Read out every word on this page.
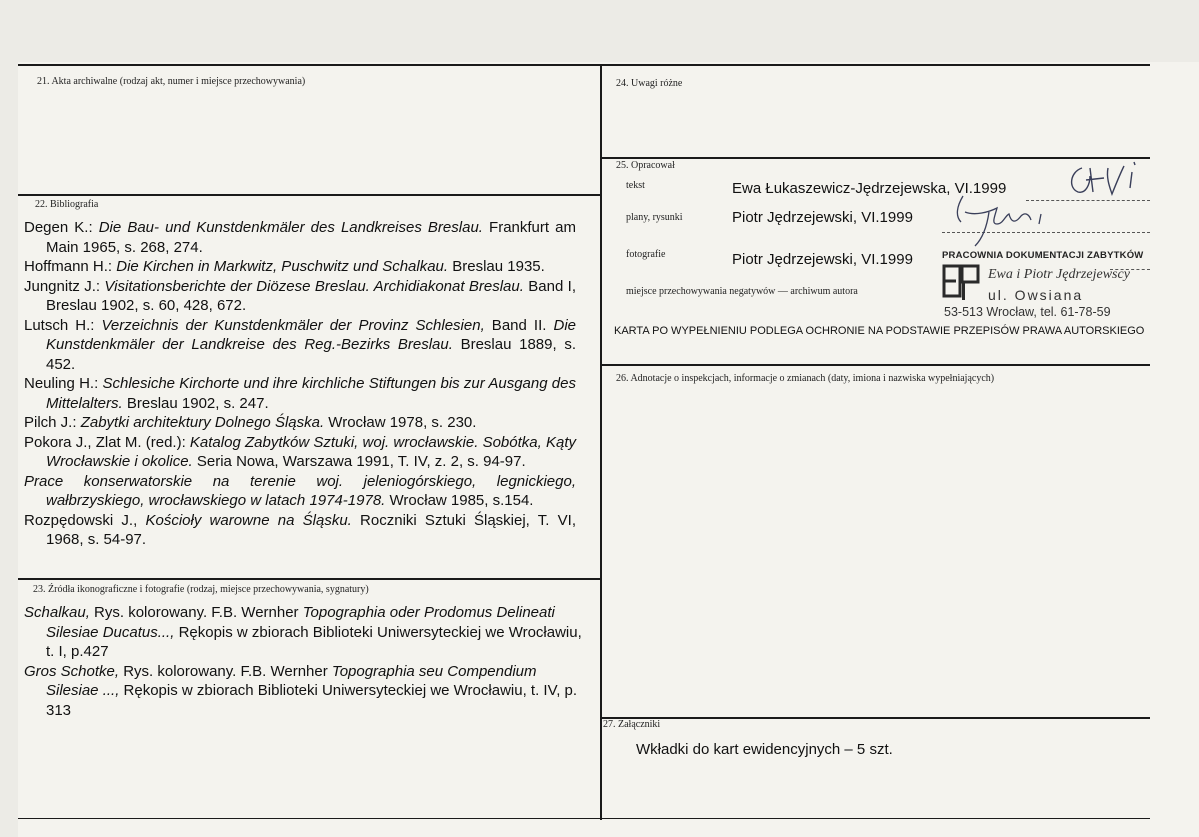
21. Akta archiwalne (rodzaj akt, numer i miejsce przechowywania)
22. Bibliografia

Degen K.: Die Bau- und Kunstdenkmäler des Landkreises Breslau. Frankfurt am Main 1965, s. 268, 274.

Hoffmann H.: Die Kirchen in Markwitz, Puschwitz und Schalkau. Breslau 1935.

Jungnitz J.: Visitationsberichte der Diözese Breslau. Archidiakonat Breslau. Band I, Breslau 1902, s. 60, 428, 672.

Lutsch H.: Verzeichnis der Kunstdenkmäler der Provinz Schlesien, Band II. Die Kunstdenkmäler der Landkreise des Reg.-Bezirks Breslau. Breslau 1889, s. 452.

Neuling H.: Schlesiche Kirchorte und ihre kirchliche Stiftungen bis zur Ausgang des Mittelalters. Breslau 1902, s. 247.

Pilch J.: Zabytki architektury Dolnego Śląska. Wrocław 1978, s. 230.

Pokora J., Zlat M. (red.): Katalog Zabytków Sztuki, woj. wrocławskie. Sobótka, Kąty Wrocławskie i okolice. Seria Nowa, Warszawa 1991, T. IV, z. 2, s. 94-97.

Prace konserwatorskie na terenie woj. jeleniogórskiego, legnickiego, wałbrzyskiego, wrocławskiego w latach 1974-1978. Wrocław 1985, s.154.

Rozpędowski J., Kościoły warowne na Śląsku. Roczniki Sztuki Śląskiej, T. VI, 1968, s. 54-97.

23. Źródła ikonograficzne i fotografie (rodzaj, miejsce przechowywania, sygnatury)

Schalkau, Rys. kolorowany. F.B. Wernher Topographia oder Prodomus Delineati Silesiae Ducatus..., Rękopis w zbiorach Biblioteki Uniwersyteckiej we Wrocławiu, t. I, p.427

Gros Schotke, Rys. kolorowany. F.B. Wernher Topographia seu Compendium Silesiae ..., Rękopis w zbiorach Biblioteki Uniwersyteckiej we Wrocławiu, t. IV, p. 313

24. Uwagi różne
25. Opracował
tekst	Ewa Łukaszewicz-Jędrzejewska, VI.1999
plany, rysunki	Piotr Jędrzejewski, VI.1999
fotografie	Piotr Jędrzejewski, VI.1999
miejsce przechowywania negatywów — archiwum autora
PRACOWNIA DOKUMENTACJI ZABYTKÓW
EP
Ewa i Piotr Jędrzejewscy
ul. Owsiana
53-513 Wrocław, tel. 61-78-59
KARTA PO WYPEŁNIENIU PODLEGA OCHRONIE NA PODSTAWIE PRZEPISÓW PRAWA AUTORSKIEGO
26. Adnotacje o inspekcjach, informacje o zmianach (daty, imiona i nazwiska wypełniających)
27. Załączniki
Wkładki do kart ewidencyjnych – 5 szt.
